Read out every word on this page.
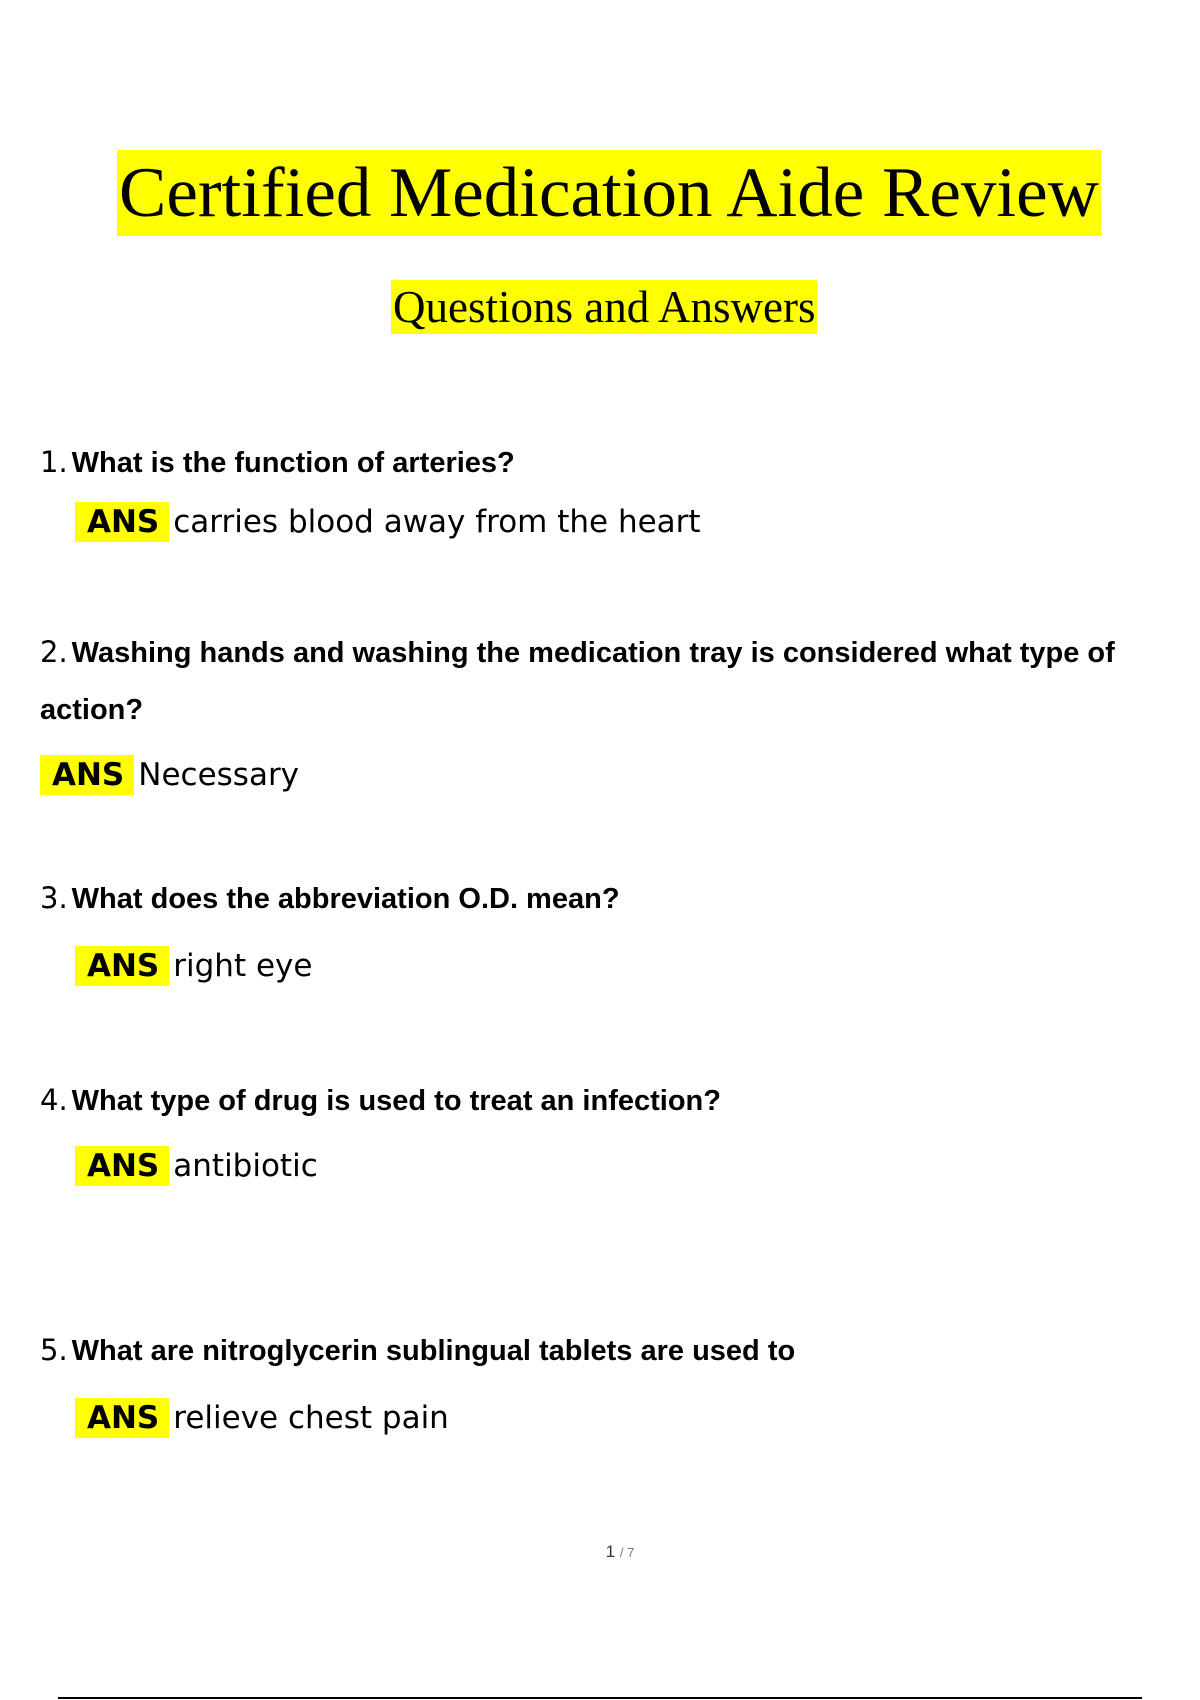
Certified Medication Aide Review
Questions and Answers

1. What is the function of arteries?

ANS carries blood away from the heart

2. Washing hands and washing the medication tray is considered what type of action?

ANS Necessary

3. What does the abbreviation O.D. mean?

ANS right eye

4. What type of drug is used to treat an infection?

ANS antibiotic

5. What are nitroglycerin sublingual tablets are used to

ANS relieve chest pain

1 / 7
